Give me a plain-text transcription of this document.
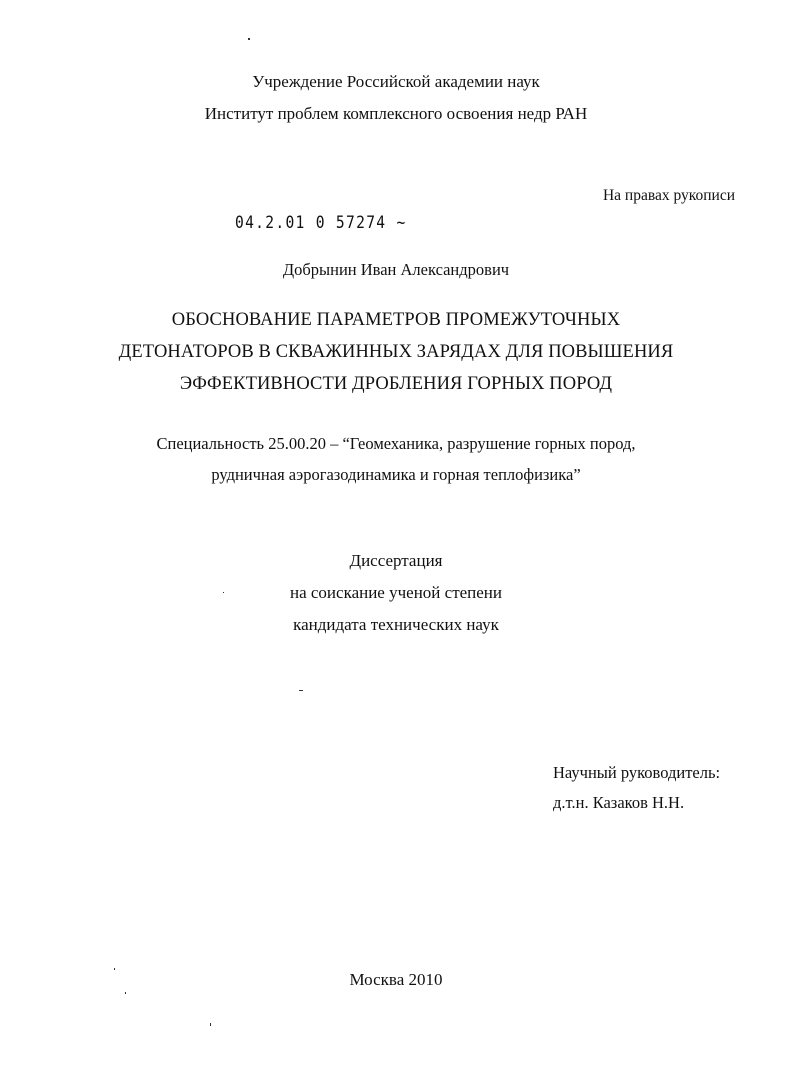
Учреждение Российской академии наук
Институт проблем комплексного освоения недр РАН
На правах рукописи
04.2.01 0 57274 ~
Добрынин Иван Александрович
ОБОСНОВАНИЕ ПАРАМЕТРОВ ПРОМЕЖУТОЧНЫХ
ДЕТОНАТОРОВ В СКВАЖИННЫХ ЗАРЯДАХ ДЛЯ ПОВЫШЕНИЯ
ЭФФЕКТИВНОСТИ ДРОБЛЕНИЯ ГОРНЫХ ПОРОД
Специальность 25.00.20 – “Геомеханика, разрушение горных пород,
рудничная аэрогазодинамика и горная теплофизика”
Диссертация
на соискание ученой степени
кандидата технических наук
Научный руководитель:
д.т.н. Казаков Н.Н.
Москва 2010
